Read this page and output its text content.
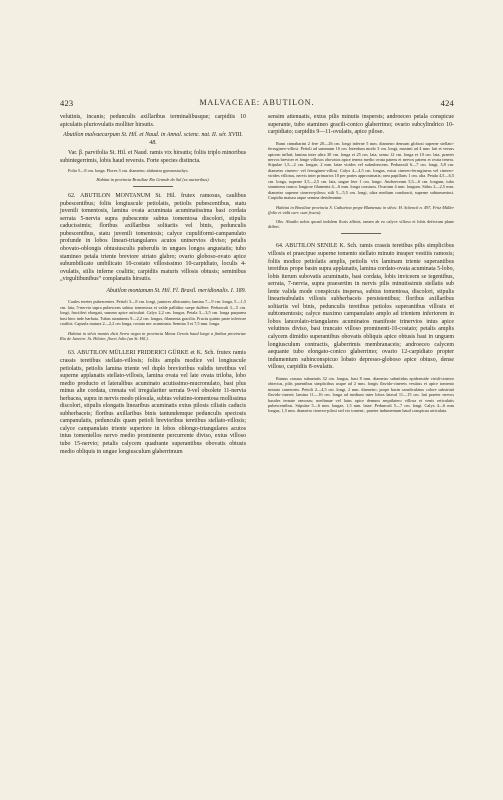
423	MALVACEAE: ABUTILON.	424

velutinis, incanis; pedunculis axillaribus terminalibusque; carpidiis 10 apiculatis pluriovulatis molliter hirsutis.

Abutilon malvaecarpum St. Hil. et Naud. in Annal. scienc. nat. II. sér. XVIII. 48.

Var. β. parvifolia St. Hil. et Naud. ramis vix hirsutis; foliis triplo minoribus subintegerrimis, lobis haud reversis. Forte species distincta.

Folia 5—8 cm. longa. Flores 3 cm. diametro; alabastra gymnostachys.

Habitat in provincia Brasiliae Rio Grande do Sul (ex auctoribus).

62. ABUTILON MONTANUM St. Hil. frutex ramosus, caulibus pubescentibus; foliis longiuscule petiolatis, petiolis pubescentibus, statu juvenili tomentosis, lamina ovata acuminata acuminatissima basi cordata serrata 5-nervia supra pubescente subtus tomentosa discolori, stipulis caducissimis; floribus axillaribus solitariis vel binis, pedunculis pubescentibus, statu juvenili tomentosis; calyce cupuliformi-campanulato profunde in lobos lineari-triangulares acutos uninervios diviso; petalis obovato-oblongis obtusiusculis puberulis in ungues longos angustatis; tubo stamineo petala triente breviore striato glabro; ovario globoso-ovato apice subumbilicato umbilicato 10-costato villosissimo 10-carpidiato, loculis 4-ovulatis, stilis inferne coalitis; carpidiis maturis villosis obtusis; seminibus „virgultibunibus“ complanatis hirsutis.

Abutilon montanum St. Hil. Fl. Brasil. meridionalis. I. 189.

Caules teretes pubescentes. Petioli 3—8 cm. longi, juniores albicantes; lamina 7—9 cm. longa, 5—1,5 cm. lata, 5-nervia supra pubescens subtus tomentosa et valde pallidior saepe dulfere. Pedunculi 3—5 cm. longi, fructiferi elongati, summo apice articulati. Calyx 2,2 cm. longus. Petala 3—3,5 cm. longa purpurea basi hinc inde barbata. Tubus stamineus 9—2,2 cm. longus, filamenta gracilia. Fructu quinto parte inferiore coalitis. Capsula matura 2—2,2 cm longa, rostata nec acuminata. Semina 3 et 7,5 mm. longa.

Habitat in silvis montis dicti Serra negra in provincia Minas Gerais haud longe a finibus provinciae Rio de Janeiro: St. Hilaire, floret Julio (an St. Hil.).

63. ABUTILON MÜLLERI FRIDERICI GÜRKE et K. Sch. frutex ramis crassis teretibus stellato-villosis; foliis amplis modice vel longiuscule petiolatis, petiolis lamina triente vel duplo brevioribus validis teretibus vel superne applanatis stellato-villosis, lamina ovata vel late ovata triloba, lobo medio producto et lateralibus acuminato acutissimo-mucronulato, basi plus minus alte cordata, crenata vel irregulariter serrata 9-vel obsolete 11-nervia herbacea, supra in nervis modo pilosula, subtus velutino-tomentosa mollissima discolori, stipulis elongatis linearibus acuminatis extus pilosis ciliatis caducis subherbaceis; floribus axillaribus binis tantundemque pedunculis spectosis campanulatis, pedunculis quam petioli brevioribus teretibus stellato-villosis; calyce campanulato triente superiore in lobos oblongo-triangulares acutos intus tomentellos nervo medio prominente percurrente diviso, extus villoso tubo 15-nervio; petalis calycem quadrante superantibus obovatis obtusis medio obliquis in ungue longiusculum glaberrimum

sensim attenuatis, extus pilis minutis inspersis; androeceo petala conspicue superante, tubo stamineo gracili-conico glaberrimo; ovario subcylindrico 10-carpidiato; carpidiis 9—11-ovulatis, apice pilose.

Rami cinnabarini 2 fere 20—26 cm. longi inferne 5 mm. diametro densum globosi superne stellato-ferrugineo-villosi. Petioli ad summum 16 cm. Interdum modo 3 cm. longi, maximi ad 4 mm. lati et versus apicem inflati; lamina inter ultra 30 cm. longa et 25 cm. lata, sensu 12 cm. longa et 10 cm. lata, praeter nervos breviter et longe villosos obovatos apice tenera medio ovata patens et nervos patens et ovata tenera. Stipulae 1,5—2 cm. longae, 2 mm. latae virides vel subrubescens. Pedunculi 6—7 cm. longi, 3,8 cm. diametro cinereo- vel ferrugineo-villosi. Calyx 4—4,5 cm. longus, extus cinereo-ferrugineus vel cinereo-virides villosus, nervis inter primarios 10 per partes approximatis; area papillaris 1 cm. alta. Petala 4,5—6,5 cm. longa, superne 3,5—2,5 cm. lata, ungue fere 1 cm. longo. Androeceum 5,5—6 cm. longum, tubo stamineus trunco longiore filamenta 4—6 mm. longa coustum. Ovarium 4 mm. longum. Stilus 2—2,5 mm. diametro superne cinereo-piloso; stili 5—5,5 cm. longi, ultra medium conduncti, superne subtomentosi. Carpidia matura atque semina desiderantur.

Habitat in Brasiliae provincia S. Catharina prope Blumenau in silvis: H. Schenck n. 497, Fritz Müller (folio et vidit carr. cum fructu).

Obs. Abutilo nobis quoad indolem floris affinis, tamen ab eo calyce villoso et lobis defectum plane differt.

64. ABUTILON SENILE K. Sch. ramis crassis teretibus pilis simplicibus villosis et praecipue superne tomento stellato minuto insuper vestitis ramosis; foliis modice petiolatis amplis, petiolis vix laminam triente superantibus teretibus prope basin supra applanatis, lamina cordato-ovata acuminata 5-lobo, lobis iterum subovatis acuminatis, basi cordata, lobis inviceem se tegentibus, serrata, 7-nervia, supra praesertim in nervis pilis minutissimis stellatis sub lente valida mode conspicuis inspersa, subtus tomentosa, discolori, stipulis linearisubulatis villosis subherbaceis persistentibus; floribus axillaribus solitariis vel binis, pedunculis teretibus petiolos superantibus villosis et subtomentosis; calyce maximo campanulato amplo ad trientem inferiorem in lobos lanceolato-triangulares acuminatos manifeste trinervios intus apice velutinos diviso, basi truncato villoso prominenti-10-costato; petalis amplis calycem dimidio superantibus obovatis obliquis apice obtusis basi in unguem longiusculum contractis, glaberrimis membranaceis; androeceo calycem aequante tubo elongato-conico glaberrimo; ovario 12-carpidiato propter indumentum subinconspicuo lobato depresso-globoso apice obtuso, dense villoso, carpidiis 8-ovulatis.

Ramus crassus subaetatis 32 cm. longus, basi 8 mm. diametro subnitidus epidermide viridi-cinereo obtectus, pilis patentibus simplicibus usque ad 2 mm. longis flavido-cinereis vestitus et apice tomento minuto canescens. Petioli 2—4,5 cm. longi, 2 mm. diametro, prope basin canaliculatus colore substriati flavido-cinerei; lamina 11—16 cm. longa ad medium inter lobos lateral 11—15 cm. lati praeter nervos basales ternate ramosas; medianae vel latus apice demum aequilatero villosa et venis reticulatis pubescentibus. Stipulae 5—6 mm. longae, 1,5 mm. latae. Pedunculi 5—7 cm. longi. Calyx 4—6 mm longus, 1,5 mm. diametro cinereo-pilosi sed vix toment.; praeter indumentum haud conspicua articulata.
